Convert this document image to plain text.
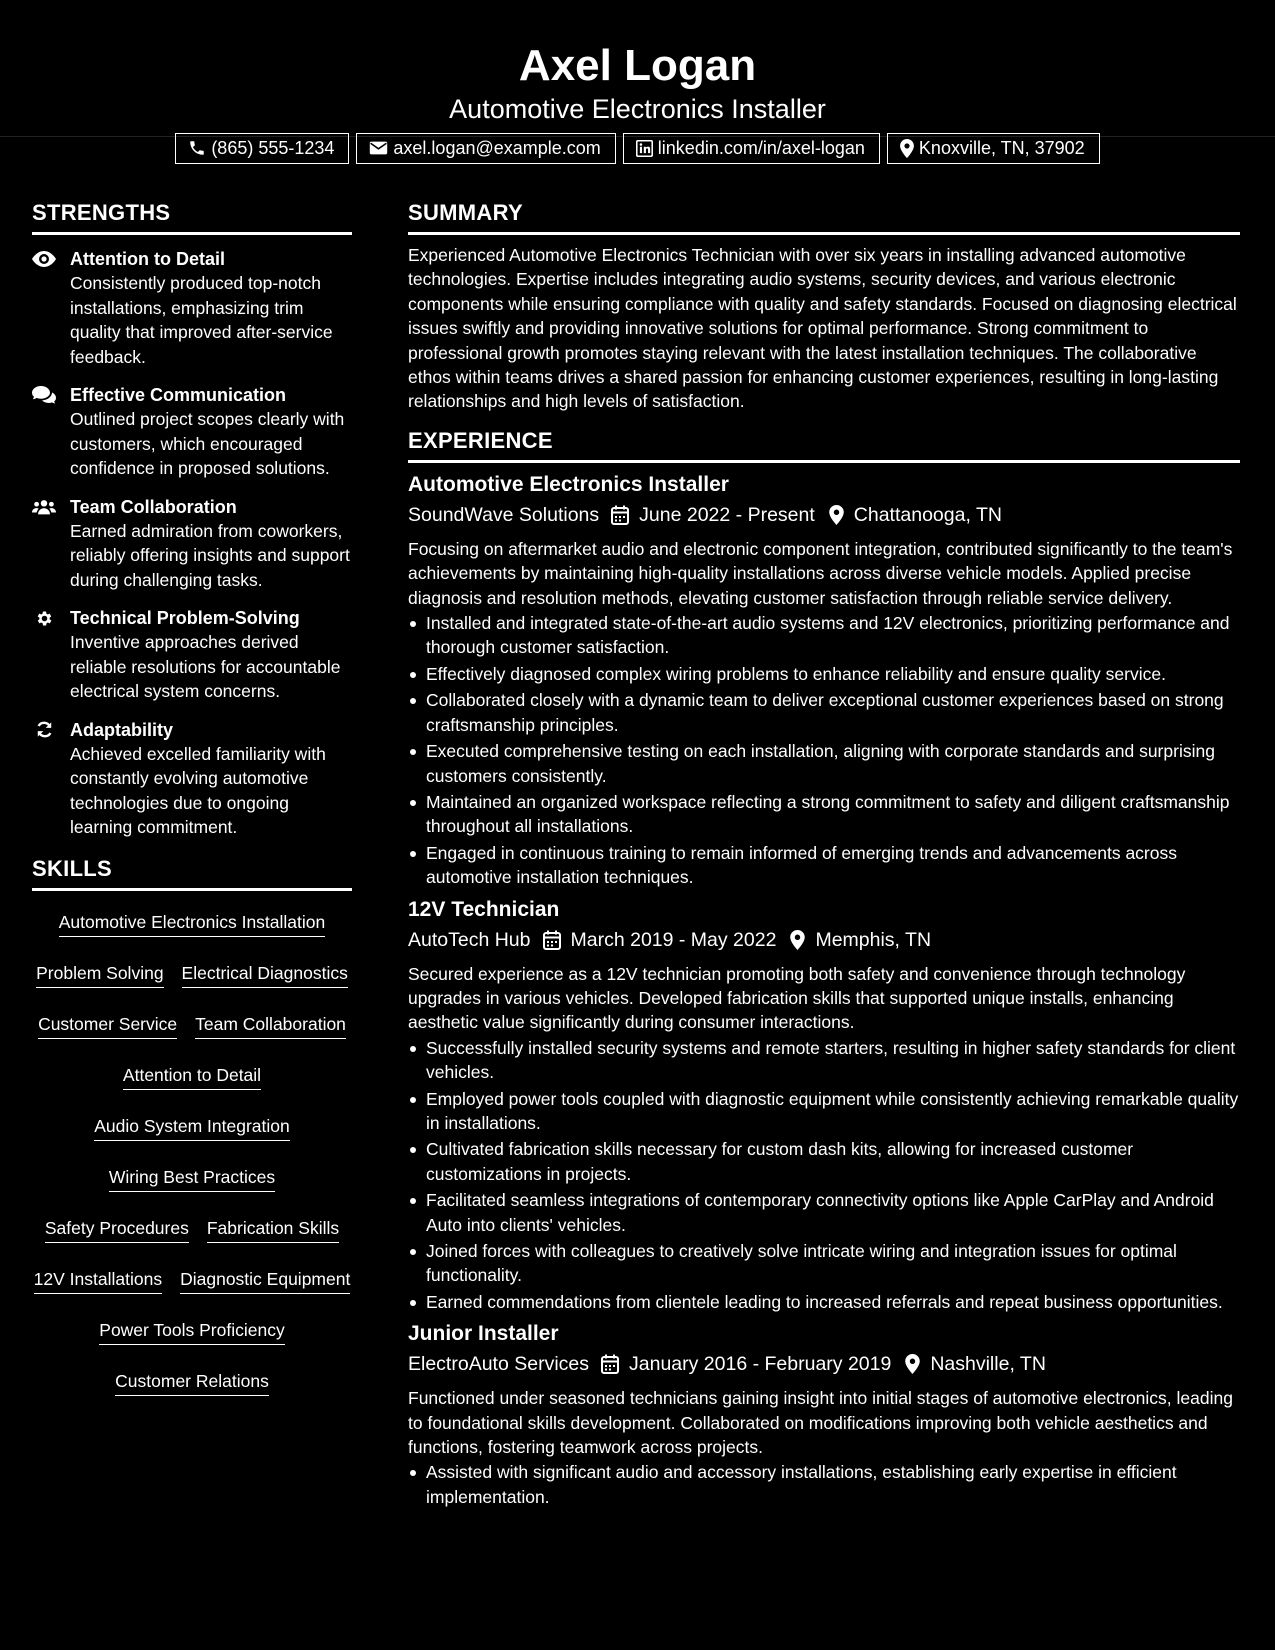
Axel Logan
Automotive Electronics Installer
(865) 555-1234	axel.logan@example.com	linkedin.com/in/axel-logan	Knoxville, TN, 37902
STRENGTHS
Attention to Detail
Consistently produced top-notch installations, emphasizing trim quality that improved after-service feedback.
Effective Communication
Outlined project scopes clearly with customers, which encouraged confidence in proposed solutions.
Team Collaboration
Earned admiration from coworkers, reliably offering insights and support during challenging tasks.
Technical Problem-Solving
Inventive approaches derived reliable resolutions for accountable electrical system concerns.
Adaptability
Achieved excelled familiarity with constantly evolving automotive technologies due to ongoing learning commitment.
SKILLS
Automotive Electronics Installation
Problem Solving Electrical Diagnostics
Customer Service Team Collaboration
Attention to Detail
Audio System Integration
Wiring Best Practices
Safety Procedures Fabrication Skills
12V Installations Diagnostic Equipment
Power Tools Proficiency
Customer Relations
SUMMARY

Experienced Automotive Electronics Technician with over six years in installing advanced automotive technologies. Expertise includes integrating audio systems, security devices, and various electronic components while ensuring compliance with quality and safety standards. Focused on diagnosing electrical issues swiftly and providing innovative solutions for optimal performance. Strong commitment to professional growth promotes staying relevant with the latest installation techniques. The collaborative ethos within teams drives a shared passion for enhancing customer experiences, resulting in long-lasting relationships and high levels of satisfaction.

EXPERIENCE
Automotive Electronics Installer
SoundWave Solutions June 2022 - Present Chattanooga, TN

Focusing on aftermarket audio and electronic component integration, contributed significantly to the team's achievements by maintaining high-quality installations across diverse vehicle models. Applied precise diagnosis and resolution methods, elevating customer satisfaction through reliable service delivery.

Installed and integrated state-of-the-art audio systems and 12V electronics, prioritizing performance and thorough customer satisfaction.
Effectively diagnosed complex wiring problems to enhance reliability and ensure quality service.
Collaborated closely with a dynamic team to deliver exceptional customer experiences based on strong craftsmanship principles.
Executed comprehensive testing on each installation, aligning with corporate standards and surprising customers consistently.
Maintained an organized workspace reflecting a strong commitment to safety and diligent craftsmanship throughout all installations.
Engaged in continuous training to remain informed of emerging trends and advancements across automotive installation techniques.
12V Technician
AutoTech Hub March 2019 - May 2022 Memphis, TN

Secured experience as a 12V technician promoting both safety and convenience through technology upgrades in various vehicles. Developed fabrication skills that supported unique installs, enhancing aesthetic value significantly during consumer interactions.

Successfully installed security systems and remote starters, resulting in higher safety standards for client vehicles.
Employed power tools coupled with diagnostic equipment while consistently achieving remarkable quality in installations.
Cultivated fabrication skills necessary for custom dash kits, allowing for increased customer customizations in projects.
Facilitated seamless integrations of contemporary connectivity options like Apple CarPlay and Android Auto into clients' vehicles.
Joined forces with colleagues to creatively solve intricate wiring and integration issues for optimal functionality.
Earned commendations from clientele leading to increased referrals and repeat business opportunities.
Junior Installer
ElectroAuto Services January 2016 - February 2019 Nashville, TN

Functioned under seasoned technicians gaining insight into initial stages of automotive electronics, leading to foundational skills development. Collaborated on modifications improving both vehicle aesthetics and functions, fostering teamwork across projects.

Assisted with significant audio and accessory installations, establishing early expertise in efficient implementation.
